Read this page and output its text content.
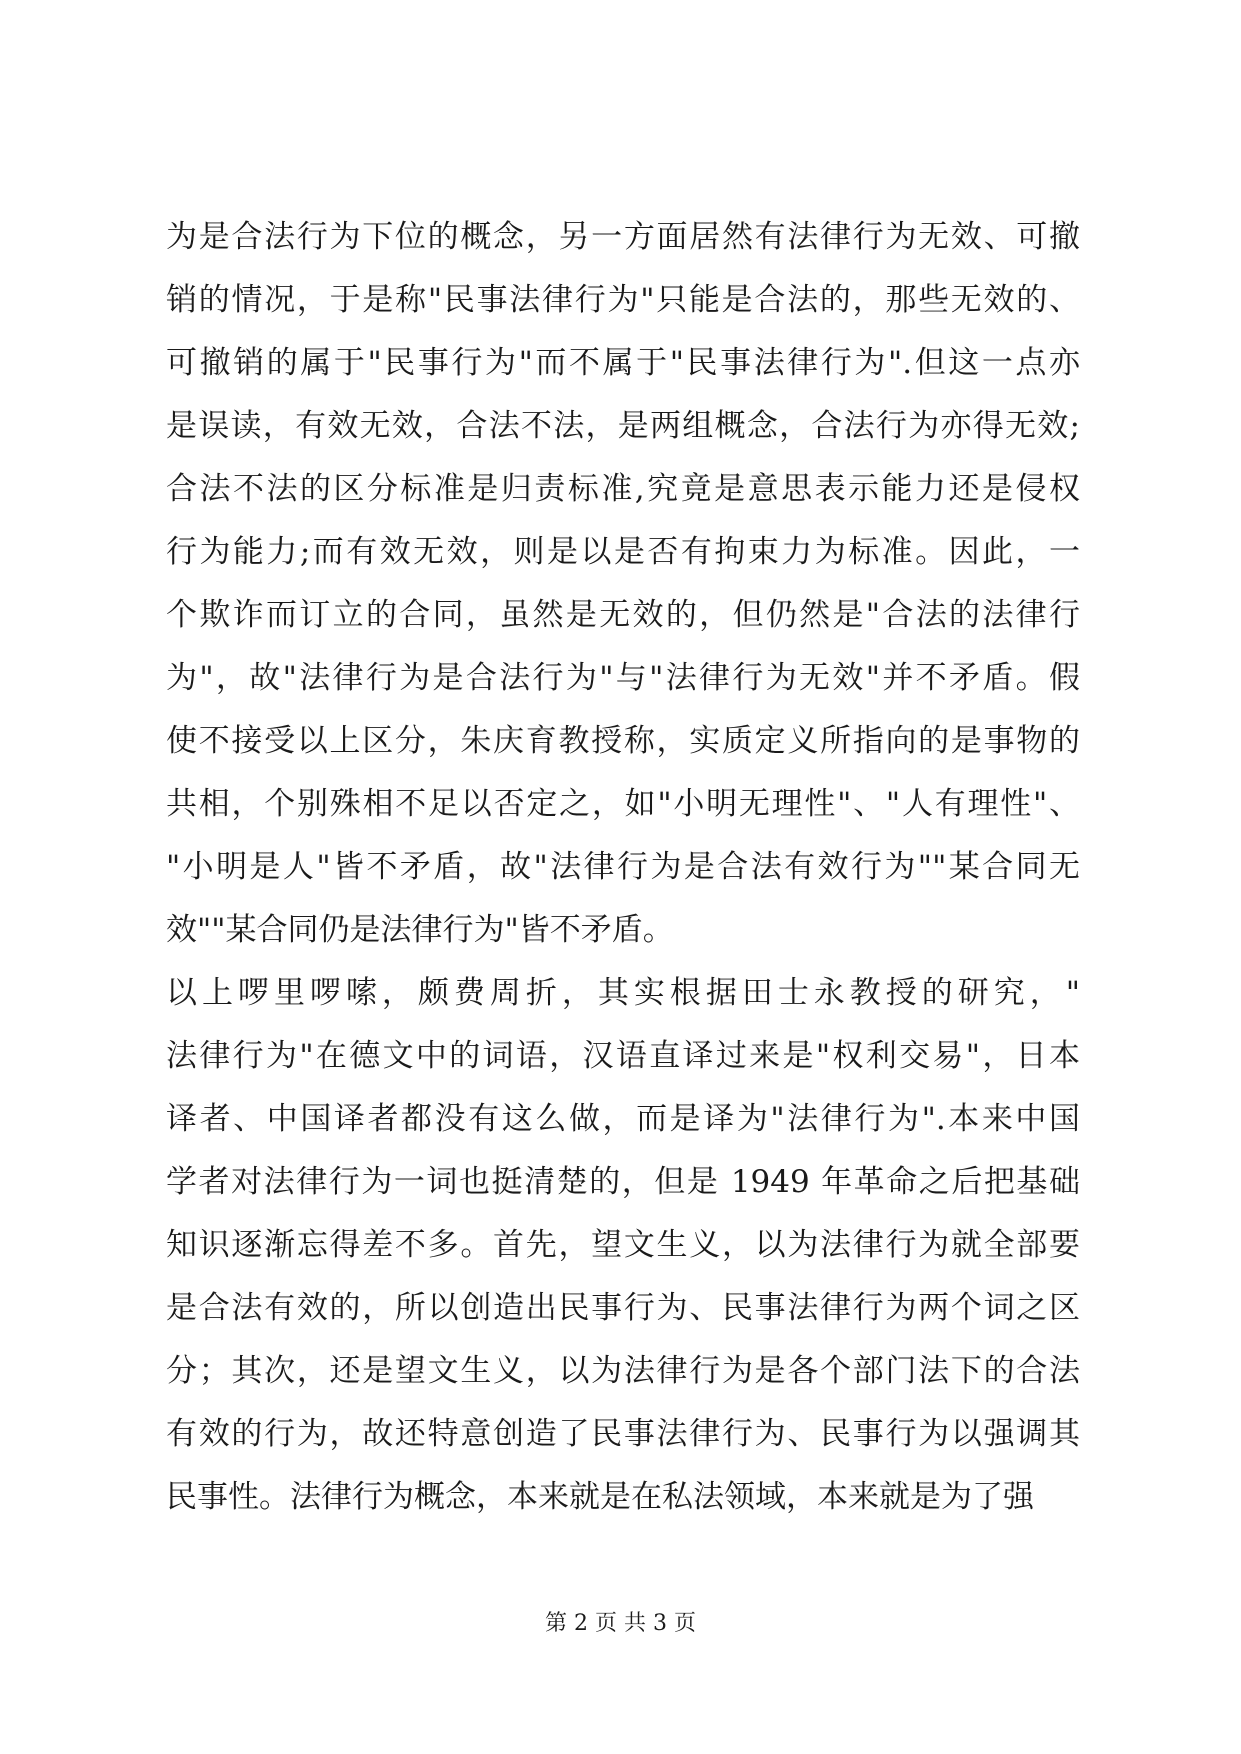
为是合法行为下位的概念，另一方面居然有法律行为无效、可撤
销的情况，于是称"民事法律行为"只能是合法的，那些无效的、
可撤销的属于"民事行为"而不属于"民事法律行为".但这一点亦
是误读，有效无效，合法不法，是两组概念，合法行为亦得无效;
合法不法的区分标准是归责标准,究竟是意思表示能力还是侵权
行为能力;而有效无效，则是以是否有拘束力为标准。因此，一
个欺诈而订立的合同，虽然是无效的，但仍然是"合法的法律行
为"，故"法律行为是合法行为"与"法律行为无效"并不矛盾。假
使不接受以上区分，朱庆育教授称，实质定义所指向的是事物的
共相，个别殊相不足以否定之，如"小明无理性"、"人有理性"、
"小明是人"皆不矛盾，故"法律行为是合法有效行为""某合同无
效""某合同仍是法律行为"皆不矛盾。
以上啰里啰嗦，颇费周折，其实根据田士永教授的研究，"
法律行为"在德文中的词语，汉语直译过来是"权利交易"，日本
译者、中国译者都没有这么做，而是译为"法律行为".本来中国
学者对法律行为一词也挺清楚的，但是 1949 年革命之后把基础
知识逐渐忘得差不多。首先，望文生义，以为法律行为就全部要
是合法有效的，所以创造出民事行为、民事法律行为两个词之区
分；其次，还是望文生义，以为法律行为是各个部门法下的合法
有效的行为，故还特意创造了民事法律行为、民事行为以强调其
民事性。法律行为概念，本来就是在私法领域，本来就是为了强
第 2 页 共 3 页
